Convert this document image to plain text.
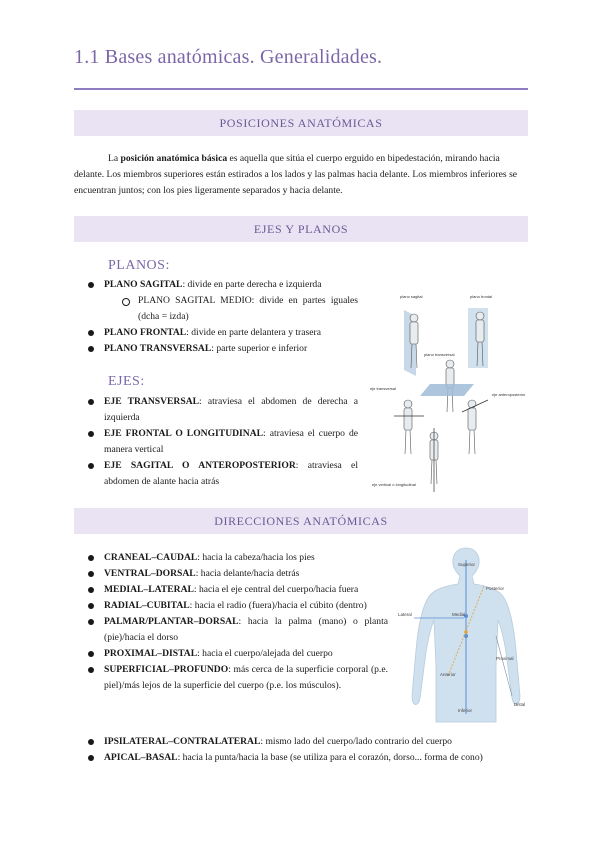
1.1 Bases anatómicas. Generalidades.
POSICIONES ANATÓMICAS
La posición anatómica básica es aquella que sitúa el cuerpo erguido en bipedestación, mirando hacia delante. Los miembros superiores están estirados a los lados y las palmas hacia delante. Los miembros inferiores se encuentran juntos; con los pies ligeramente separados y hacia delante.
EJES Y PLANOS
PLANOS:
PLANO SAGITAL: divide en parte derecha e izquierda
PLANO SAGITAL MEDIO: divide en partes iguales (dcha = izda)
PLANO FRONTAL: divide en parte delantera y trasera
PLANO TRANSVERSAL: parte superior e inferior
EJES:
EJE TRANSVERSAL: atraviesa el abdomen de derecha a izquierda
EJE FRONTAL O LONGITUDINAL: atraviesa el cuerpo de manera vertical
EJE SAGITAL O ANTEROPOSTERIOR: atraviesa el abdomen de alante hacia atrás
plano sagital	plano frontal
plano transversal
eje transversal
eje anteroposterior
eje vertical o longitudinal
DIRECCIONES ANATÓMICAS
CRANEAL–CAUDAL: hacia la cabeza/hacia los pies
VENTRAL–DORSAL: hacia delante/hacia detrás
MEDIAL–LATERAL: hacia el eje central del cuerpo/hacia fuera
RADIAL–CUBITAL: hacia el radio (fuera)/hacia el cúbito (dentro)
PALMAR/PLANTAR–DORSAL: hacia la palma (mano) o planta (pie)/hacia el dorso
PROXIMAL–DISTAL: hacia el cuerpo/alejada del cuerpo
SUPERFICIAL–PROFUNDO: más cerca de la superficie corporal (p.e. piel)/más lejos de la superficie del cuerpo (p.e. los músculos).
IPSILATERAL–CONTRALATERAL: mismo lado del cuerpo/lado contrario del cuerpo
APICAL–BASAL: hacia la punta/hacia la base (se utiliza para el corazón, dorso... forma de cono)
Superior
Posterior
Lateral	Medial
Anterior
Proximal
Distal
Inferior
